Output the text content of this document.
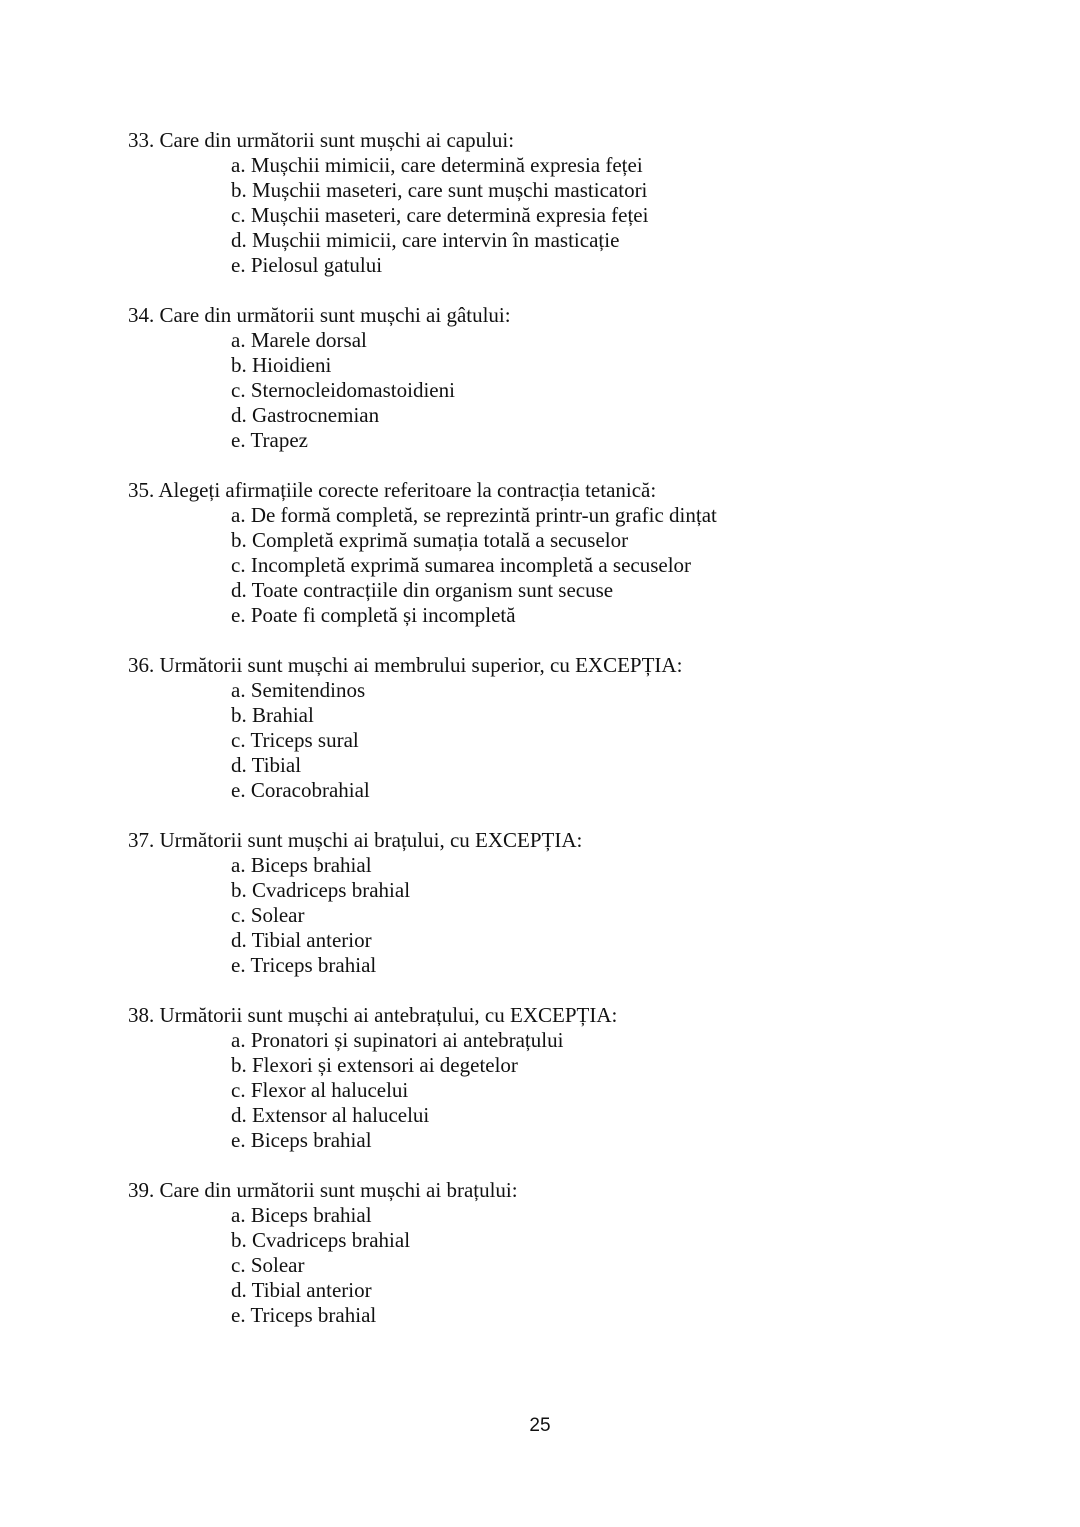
33. Care din următorii sunt mușchi ai capului:
a. Mușchii mimicii, care determină expresia feței
b. Mușchii maseteri, care sunt mușchi masticatori
c. Mușchii maseteri, care determină expresia feței
d. Mușchii mimicii, care intervin în masticație
e. Pielosul gatului
34. Care din următorii sunt mușchi ai gâtului:
a. Marele dorsal
b. Hioidieni
c. Sternocleidomastoidieni
d. Gastrocnemian
e. Trapez
35. Alegeți afirmațiile corecte referitoare la contracția tetanică:
a. De formă completă, se reprezintă printr-un grafic dințat
b. Completă exprimă sumația totală a secuselor
c. Incompletă exprimă sumarea incompletă a secuselor
d. Toate contracțiile din organism sunt secuse
e. Poate fi completă și incompletă
36. Următorii sunt mușchi ai membrului superior, cu EXCEPȚIA:
a. Semitendinos
b. Brahial
c. Triceps sural
d. Tibial
e. Coracobrahial
37. Următorii sunt mușchi ai brațului, cu EXCEPȚIA:
a. Biceps brahial
b. Cvadriceps brahial
c. Solear
d. Tibial anterior
e. Triceps brahial
38. Următorii sunt mușchi ai antebrațului, cu EXCEPȚIA:
a. Pronatori și supinatori ai antebrațului
b. Flexori și extensori ai degetelor
c. Flexor al halucelui
d. Extensor al halucelui
e. Biceps brahial
39. Care din următorii sunt mușchi ai brațului:
a. Biceps brahial
b. Cvadriceps brahial
c. Solear
d. Tibial anterior
e. Triceps brahial
25
